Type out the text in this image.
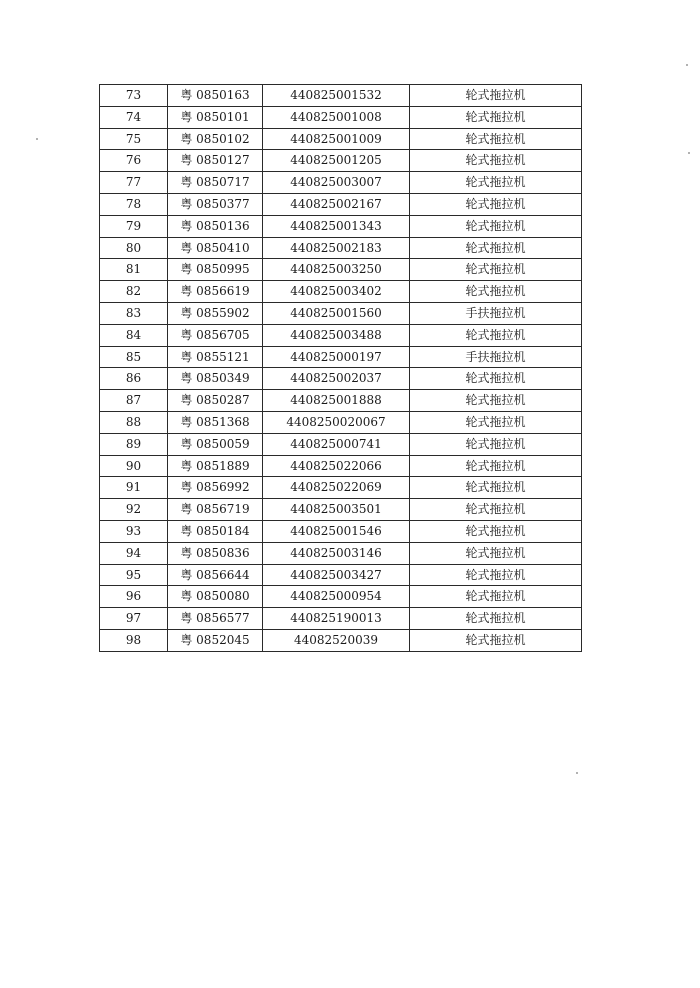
73	粤 0850163	440825001532	轮式拖拉机
74	粤 0850101	440825001008	轮式拖拉机
75	粤 0850102	440825001009	轮式拖拉机
76	粤 0850127	440825001205	轮式拖拉机
77	粤 0850717	440825003007	轮式拖拉机
78	粤 0850377	440825002167	轮式拖拉机
79	粤 0850136	440825001343	轮式拖拉机
80	粤 0850410	440825002183	轮式拖拉机
81	粤 0850995	440825003250	轮式拖拉机
82	粤 0856619	440825003402	轮式拖拉机
83	粤 0855902	440825001560	手扶拖拉机
84	粤 0856705	440825003488	轮式拖拉机
85	粤 0855121	440825000197	手扶拖拉机
86	粤 0850349	440825002037	轮式拖拉机
87	粤 0850287	440825001888	轮式拖拉机
88	粤 0851368	4408250020067	轮式拖拉机
89	粤 0850059	440825000741	轮式拖拉机
90	粤 0851889	440825022066	轮式拖拉机
91	粤 0856992	440825022069	轮式拖拉机
92	粤 0856719	440825003501	轮式拖拉机
93	粤 0850184	440825001546	轮式拖拉机
94	粤 0850836	440825003146	轮式拖拉机
95	粤 0856644	440825003427	轮式拖拉机
96	粤 0850080	440825000954	轮式拖拉机
97	粤 0856577	440825190013	轮式拖拉机
98	粤 0852045	44082520039	轮式拖拉机
